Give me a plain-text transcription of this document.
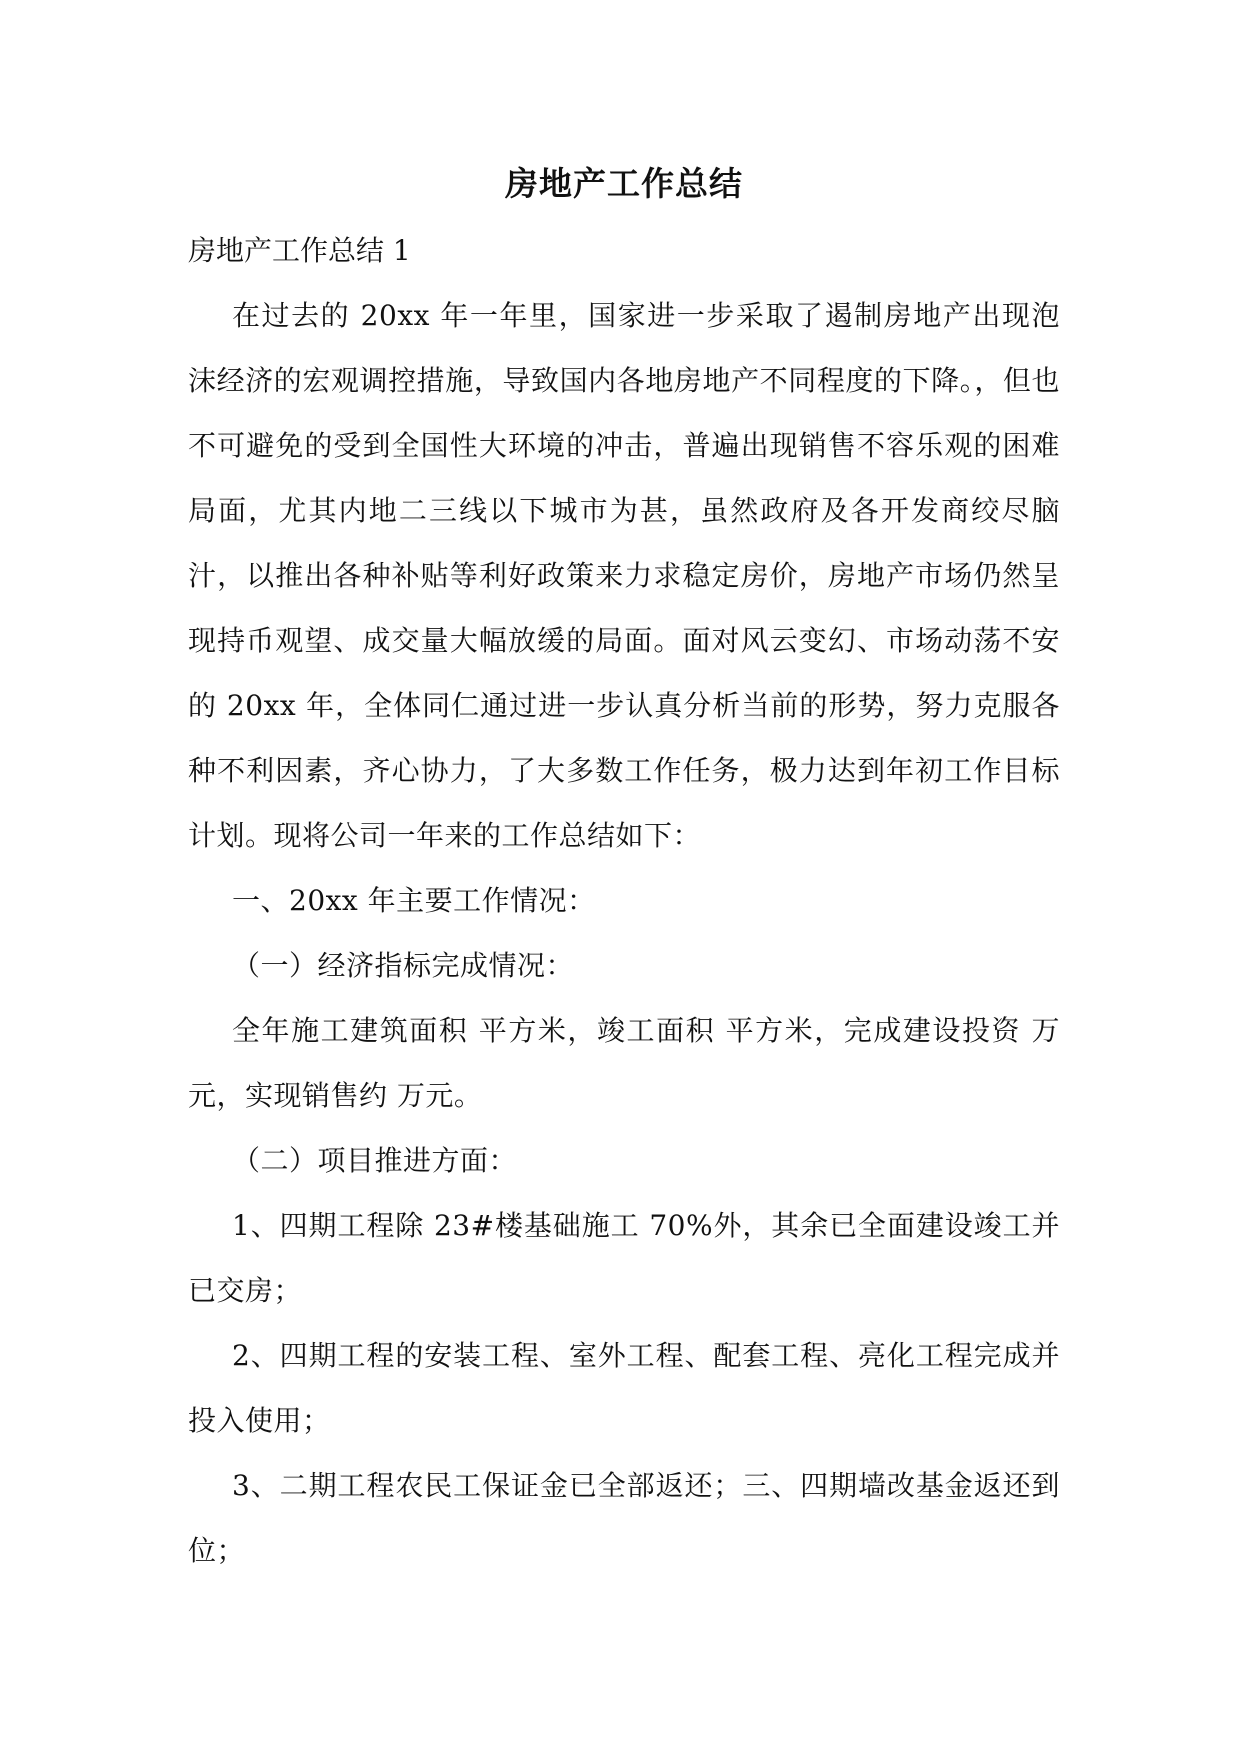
房地产工作总结

房地产工作总结 1

在过去的 20xx 年一年里，国家进一步采取了遏制房地产出现泡沫经济的宏观调控措施，导致国内各地房地产不同程度的下降。，但也不可避免的受到全国性大环境的冲击，普遍出现销售不容乐观的困难局面，尤其内地二三线以下城市为甚，虽然政府及各开发商绞尽脑汁，以推出各种补贴等利好政策来力求稳定房价，房地产市场仍然呈现持币观望、成交量大幅放缓的局面。面对风云变幻、市场动荡不安的 20xx 年，全体同仁通过进一步认真分析当前的形势，努力克服各种不利因素，齐心协力，了大多数工作任务，极力达到年初工作目标计划。现将公司一年来的工作总结如下：

一、20xx 年主要工作情况：

（一）经济指标完成情况：

全年施工建筑面积 平方米，竣工面积 平方米，完成建设投资 万元，实现销售约 万元。

（二）项目推进方面：

1、四期工程除 23#楼基础施工 70%外，其余已全面建设竣工并已交房；

2、四期工程的安装工程、室外工程、配套工程、亮化工程完成并投入使用；

3、二期工程农民工保证金已全部返还；三、四期墙改基金返还到位；
